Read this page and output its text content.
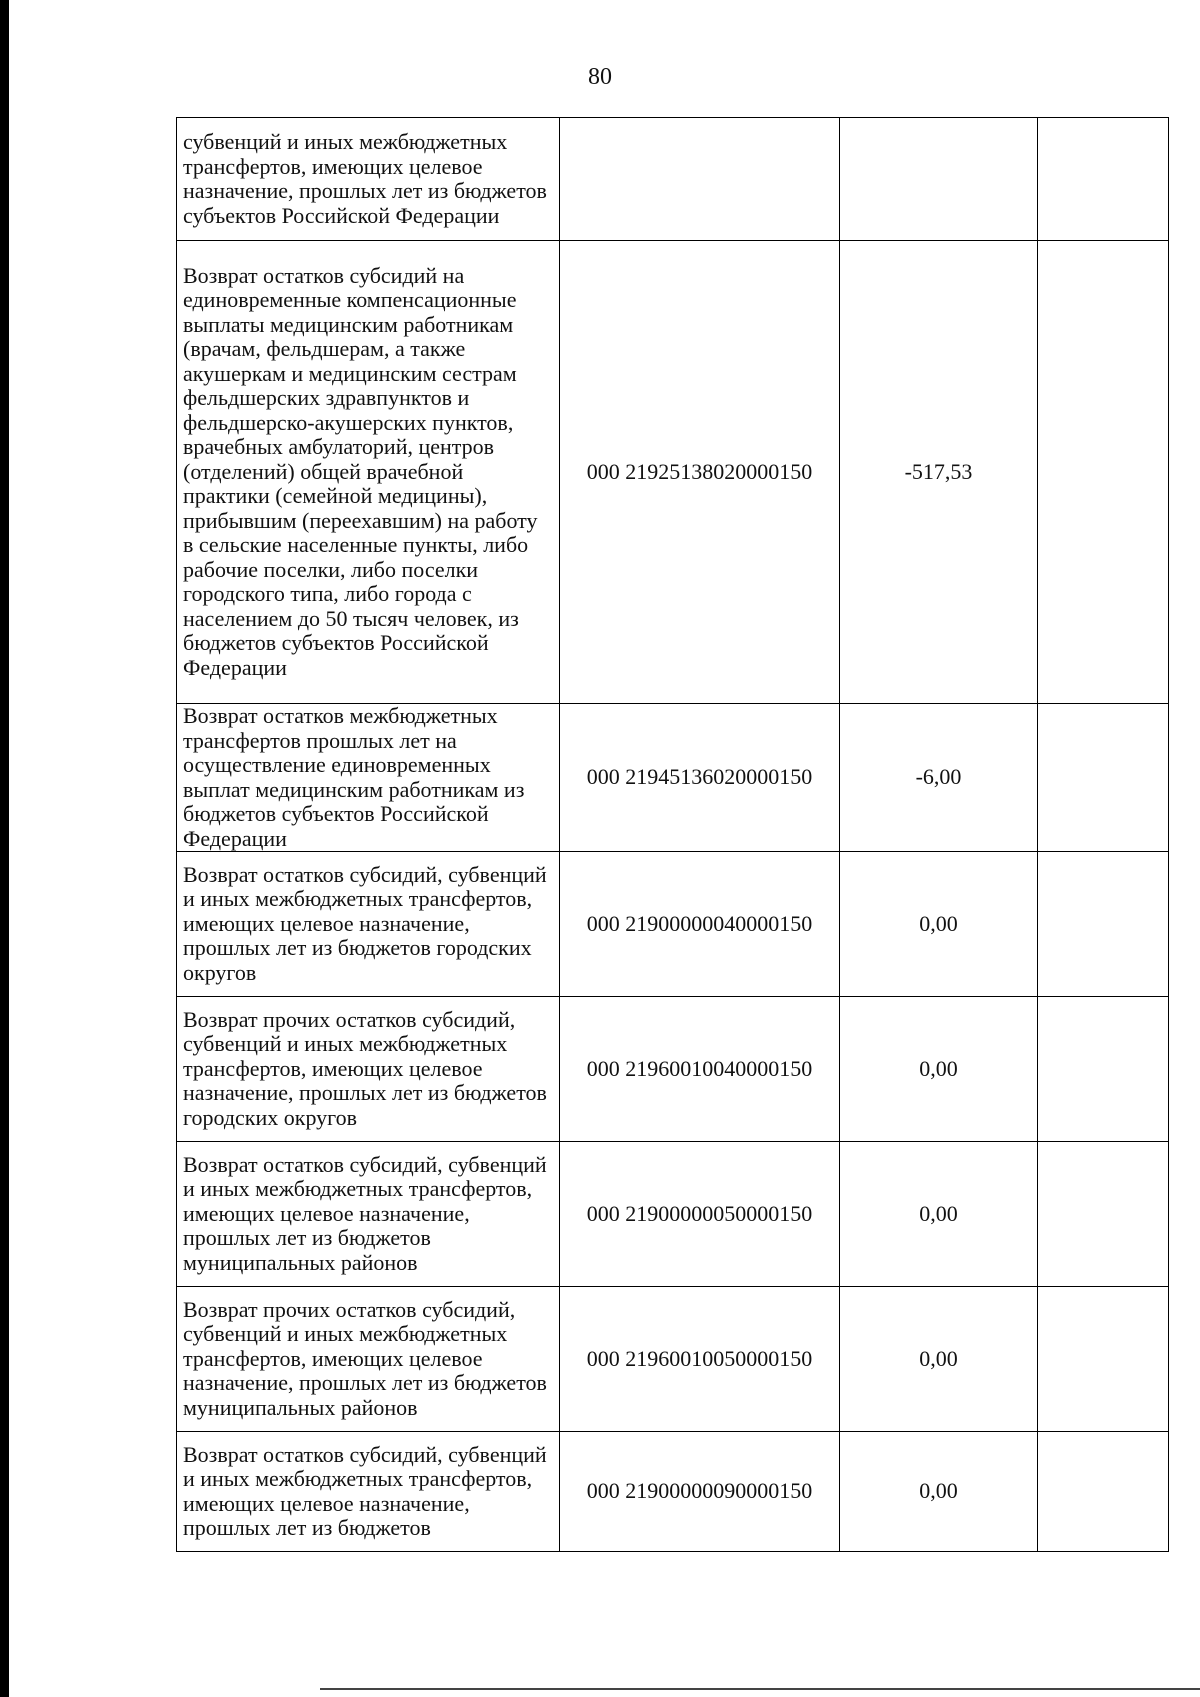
80
субвенций и иных межбюджетных трансфертов, имеющих целевое назначение, прошлых лет из бюджетов субъектов Российской Федерации			
Возврат остатков субсидий на единовременные компенсационные выплаты медицинским работникам (врачам, фельдшерам, а также акушеркам и медицинским сестрам фельдшерских здравпунктов и фельдшерско-акушерских пунктов, врачебных амбулаторий, центров (отделений) общей врачебной практики (семейной медицины), прибывшим (переехавшим) на работу в сельские населенные пункты, либо рабочие поселки, либо поселки городского типа, либо города с населением до 50 тысяч человек, из бюджетов субъектов Российской Федерации	000 21925138020000150	-517,53	
Возврат остатков межбюджетных трансфертов прошлых лет на осуществление единовременных выплат медицинским работникам из бюджетов субъектов Российской Федерации	000 21945136020000150	-6,00	
Возврат остатков субсидий, субвенций и иных межбюджетных трансфертов, имеющих целевое назначение, прошлых лет из бюджетов городских округов	000 21900000040000150	0,00	
Возврат прочих остатков субсидий, субвенций и иных межбюджетных трансфертов, имеющих целевое назначение, прошлых лет из бюджетов городских округов	000 21960010040000150	0,00	
Возврат остатков субсидий, субвенций и иных межбюджетных трансфертов, имеющих целевое назначение, прошлых лет из бюджетов муниципальных районов	000 21900000050000150	0,00	
Возврат прочих остатков субсидий, субвенций и иных межбюджетных трансфертов, имеющих целевое назначение, прошлых лет из бюджетов муниципальных районов	000 21960010050000150	0,00	
Возврат остатков субсидий, субвенций и иных межбюджетных трансфертов, имеющих целевое назначение, прошлых лет из бюджетов	000 21900000090000150	0,00	
